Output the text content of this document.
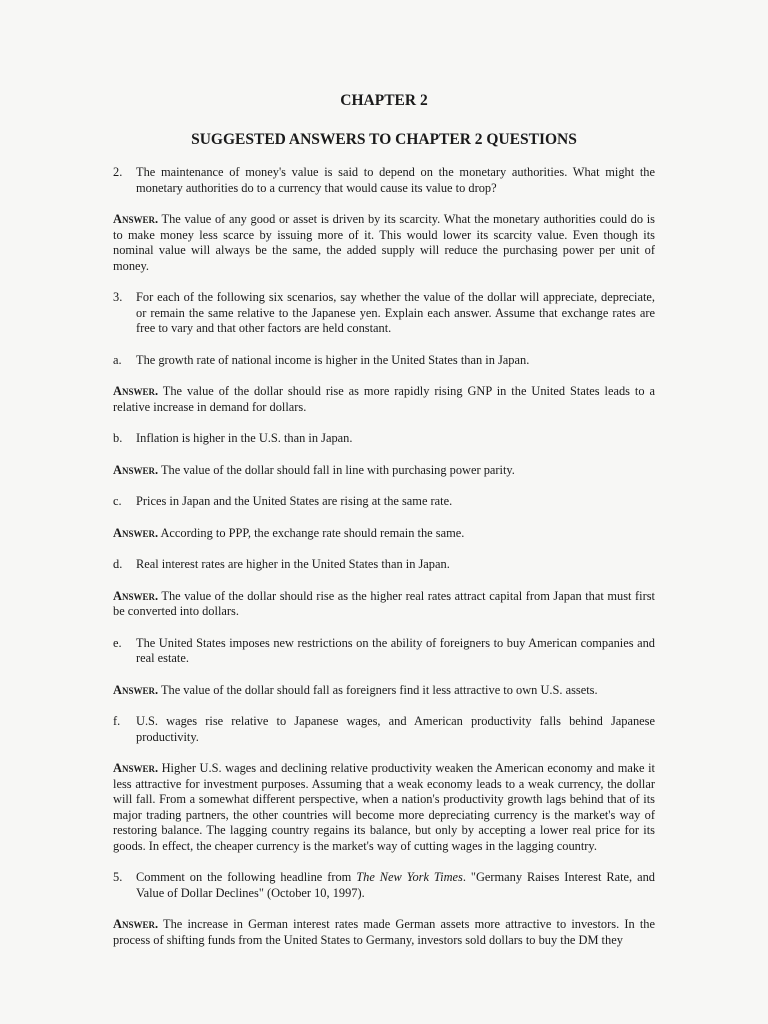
CHAPTER 2
SUGGESTED ANSWERS TO CHAPTER 2 QUESTIONS
2.	The maintenance of money's value is said to depend on the monetary authorities. What might the monetary authorities do to a currency that would cause its value to drop?
Answer. The value of any good or asset is driven by its scarcity. What the monetary authorities could do is to make money less scarce by issuing more of it. This would lower its scarcity value. Even though its nominal value will always be the same, the added supply will reduce the purchasing power per unit of money.
3.	For each of the following six scenarios, say whether the value of the dollar will appreciate, depreciate, or remain the same relative to the Japanese yen. Explain each answer. Assume that exchange rates are free to vary and that other factors are held constant.
a.	The growth rate of national income is higher in the United States than in Japan.
Answer. The value of the dollar should rise as more rapidly rising GNP in the United States leads to a relative increase in demand for dollars.
b.	Inflation is higher in the U.S. than in Japan.
Answer. The value of the dollar should fall in line with purchasing power parity.
c.	Prices in Japan and the United States are rising at the same rate.
Answer. According to PPP, the exchange rate should remain the same.
d.	Real interest rates are higher in the United States than in Japan.
Answer. The value of the dollar should rise as the higher real rates attract capital from Japan that must first be converted into dollars.
e.	The United States imposes new restrictions on the ability of foreigners to buy American companies and real estate.
Answer. The value of the dollar should fall as foreigners find it less attractive to own U.S. assets.
f.	U.S. wages rise relative to Japanese wages, and American productivity falls behind Japanese productivity.
Answer. Higher U.S. wages and declining relative productivity weaken the American economy and make it less attractive for investment purposes. Assuming that a weak economy leads to a weak currency, the dollar will fall. From a somewhat different perspective, when a nation's productivity growth lags behind that of its major trading partners, the other countries will become more depreciating currency is the market's way of restoring balance. The lagging country regains its balance, but only by accepting a lower real price for its goods. In effect, the cheaper currency is the market's way of cutting wages in the lagging country.
5.	Comment on the following headline from The New York Times. "Germany Raises Interest Rate, and Value of Dollar Declines" (October 10, 1997).
Answer. The increase in German interest rates made German assets more attractive to investors. In the process of shifting funds from the United States to Germany, investors sold dollars to buy the DM they
